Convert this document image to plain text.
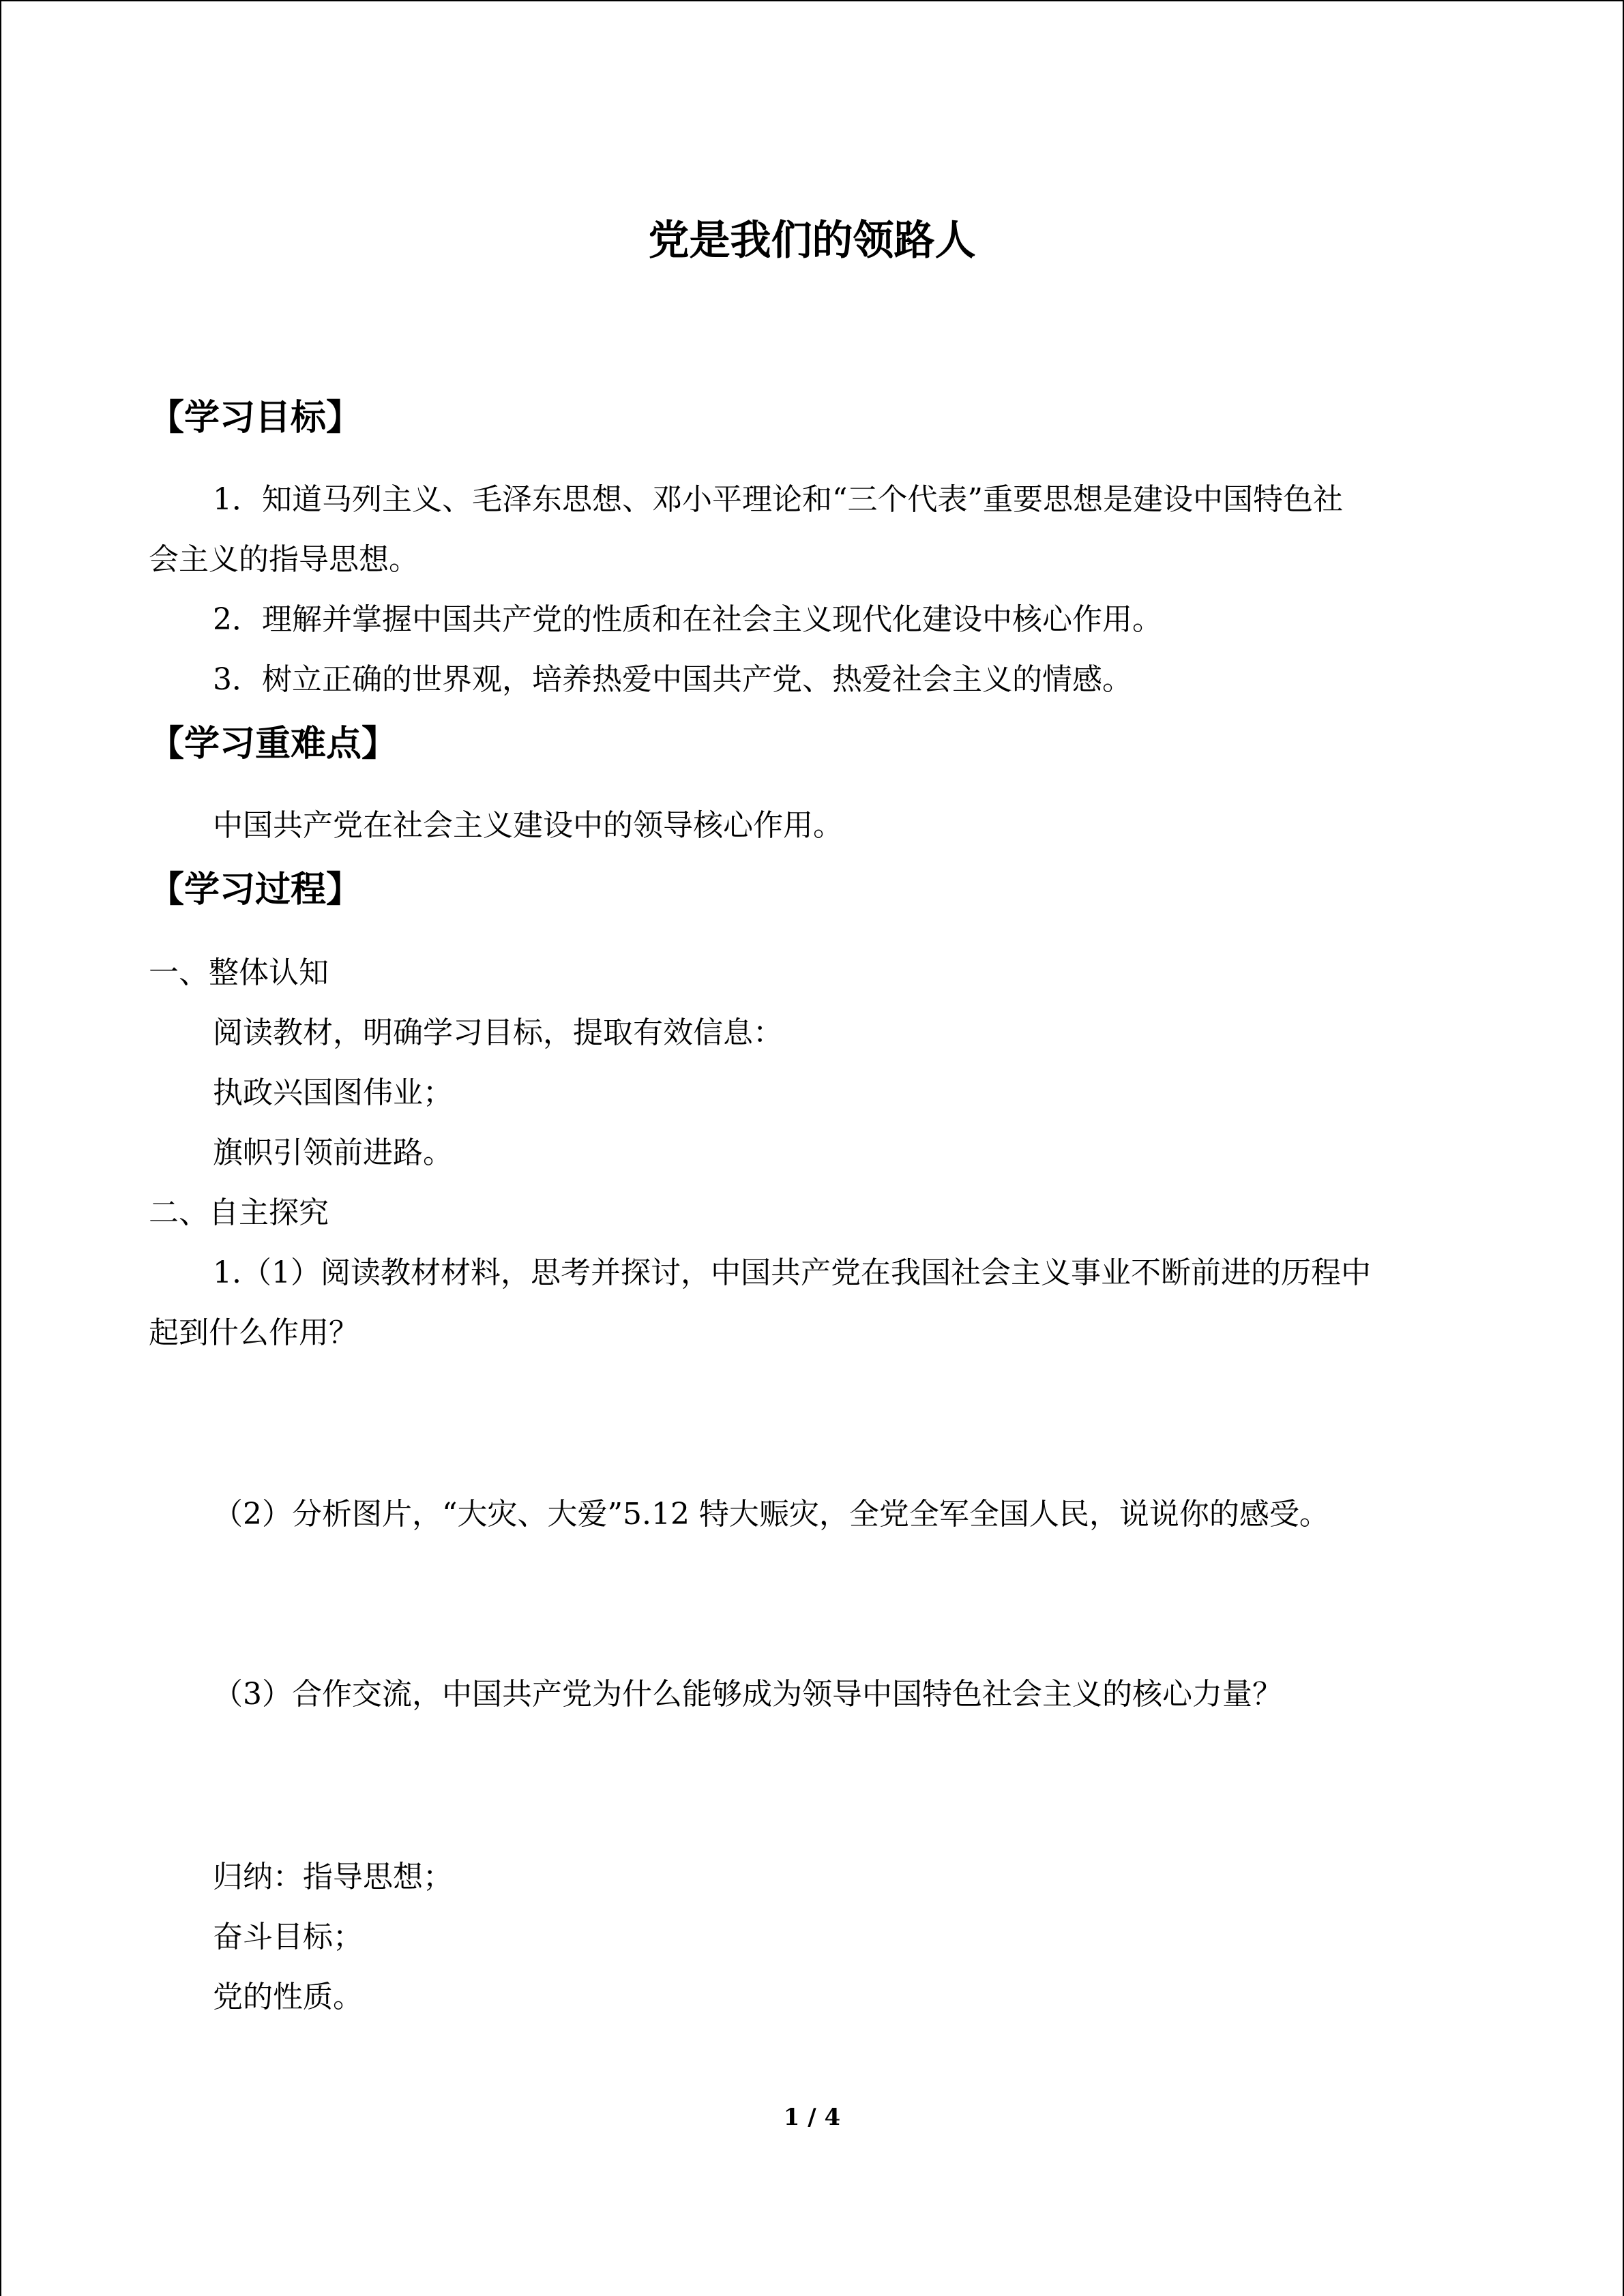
党是我们的领路人
【学习目标】
1．知道马列主义、毛泽东思想、邓小平理论和“三个代表”重要思想是建设中国特色社
会主义的指导思想。
2．理解并掌握中国共产党的性质和在社会主义现代化建设中核心作用。
3．树立正确的世界观，培养热爱中国共产党、热爱社会主义的情感。
【学习重难点】
中国共产党在社会主义建设中的领导核心作用。
【学习过程】
一、整体认知
阅读教材，明确学习目标，提取有效信息：
执政兴国图伟业；
旗帜引领前进路。
二、自主探究
1.（1）阅读教材材料，思考并探讨，中国共产党在我国社会主义事业不断前进的历程中
起到什么作用？
（2）分析图片，“大灾、大爱”5.12 特大赈灾，全党全军全国人民，说说你的感受。
（3）合作交流，中国共产党为什么能够成为领导中国特色社会主义的核心力量？
归纳：指导思想；
奋斗目标；
党的性质。
1 / 4
